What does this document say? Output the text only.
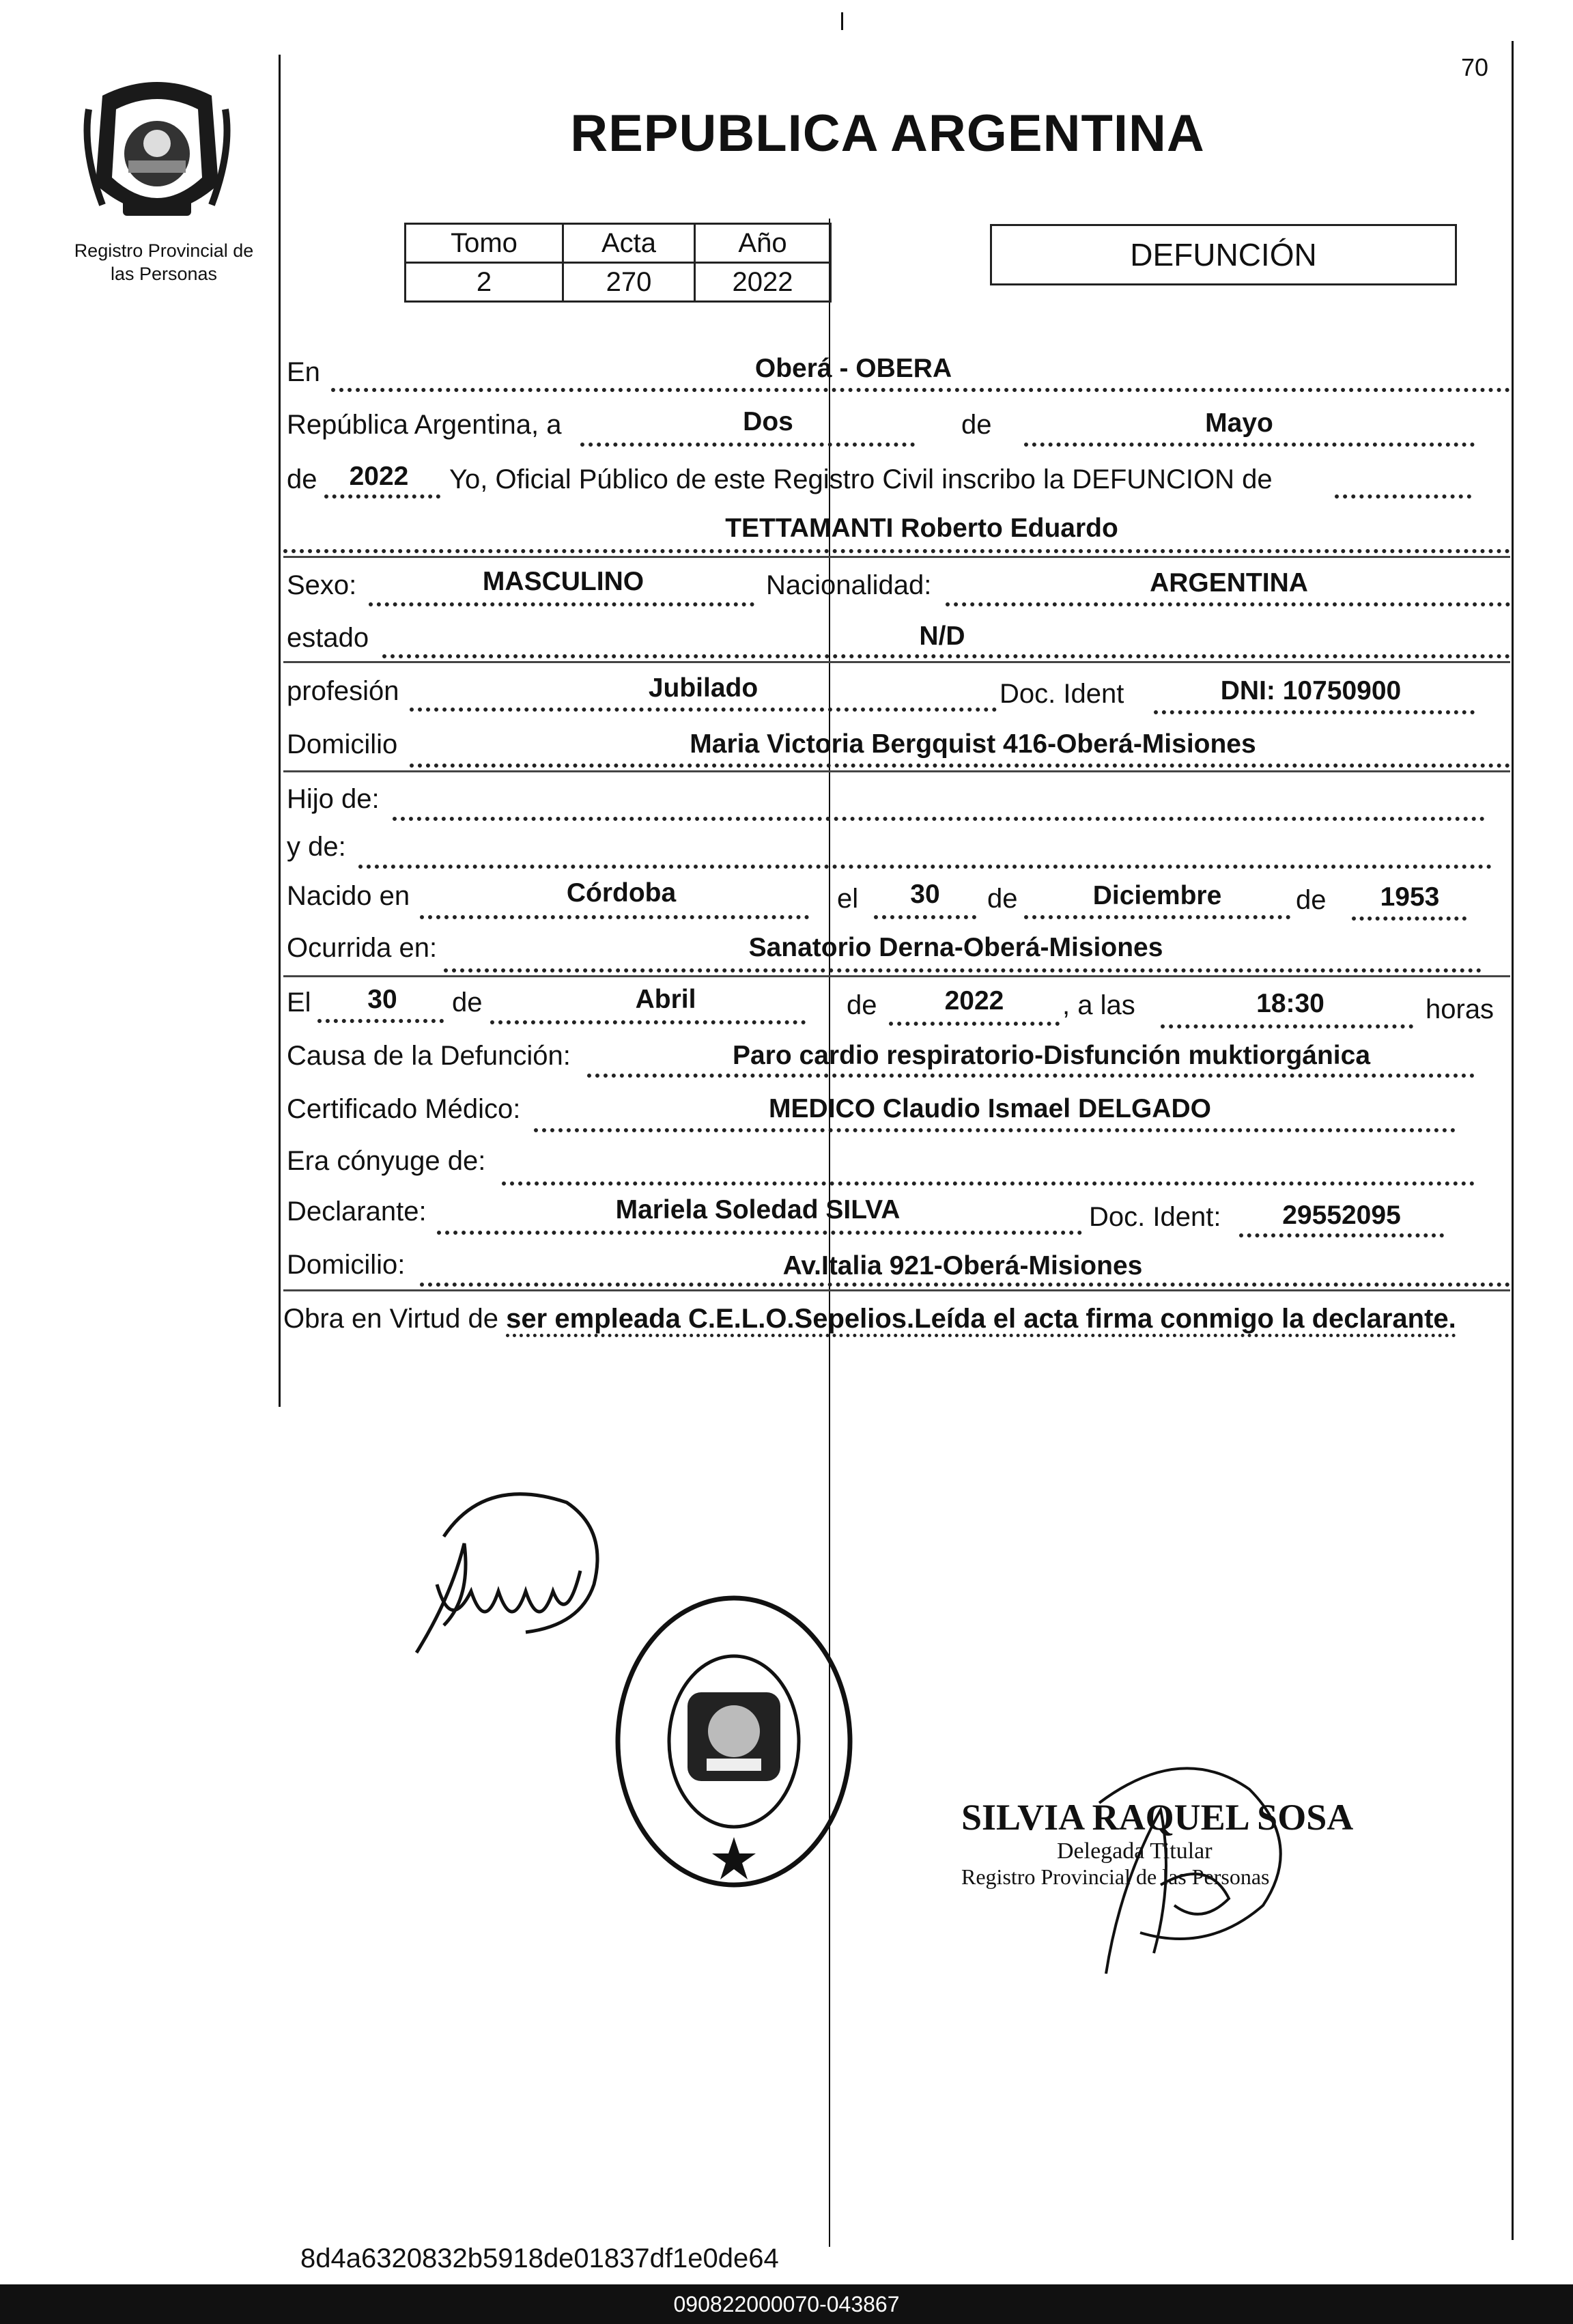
Registro Provincial de
las Personas
70
REPUBLICA ARGENTINA
Tomo	Acta	Año
2	270	2022
DEFUNCIÓN
En	Oberá - OBERA
República Argentina, a	Dos	de	Mayo
de	2022	Yo, Oficial Público de este Registro Civil inscribo la DEFUNCION de
TETTAMANTI Roberto Eduardo
Sexo:	MASCULINO	Nacionalidad:	ARGENTINA
estado	N/D
profesión	Jubilado	Doc. Ident	DNI: 10750900
Domicilio	Maria Victoria Bergquist 416-Oberá-Misiones
Hijo de:
y de:
Nacido en	Córdoba	el	30	de	Diciembre	de	1953
Ocurrida en:	Sanatorio Derna-Oberá-Misiones
El	30	de	Abril	de	2022	, a las	18:30	horas
Causa de la Defunción:	Paro cardio respiratorio-Disfunción muktiorgánica
Certificado Médico:	MEDICO Claudio Ismael DELGADO
Era cónyuge de:
Declarante:	Mariela Soledad SILVA	Doc. Ident:	29552095
Domicilio:	Av.Italia 921-Oberá-Misiones
Obra en Virtud de ser empleada C.E.L.O.Sepelios.Leída el acta firma conmigo la declarante.
SILVIA RAQUEL SOSA
Delegada Titular
Registro Provincial de las Personas
8d4a6320832b5918de01837df1e0de64
090822000070-043867
